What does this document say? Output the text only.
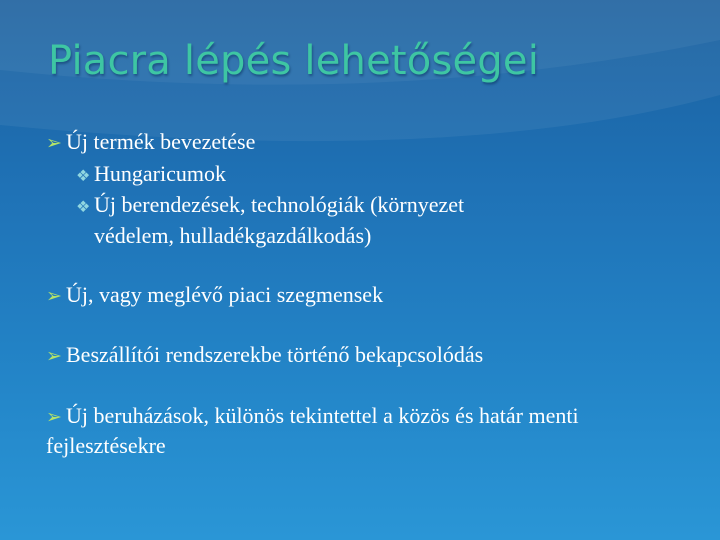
Piacra lépés lehetőségei
➢ Új termék bevezetése
❖ Hungaricumok
❖ Új berendezések, technológiák (környezet
védelem, hulladékgazdálkodás)
➢ Új, vagy meglévő piaci szegmensek
➢ Beszállítói rendszerekbe történő bekapcsolódás
➢ Új beruházások, különös tekintettel a közös és határ menti fejlesztésekre
